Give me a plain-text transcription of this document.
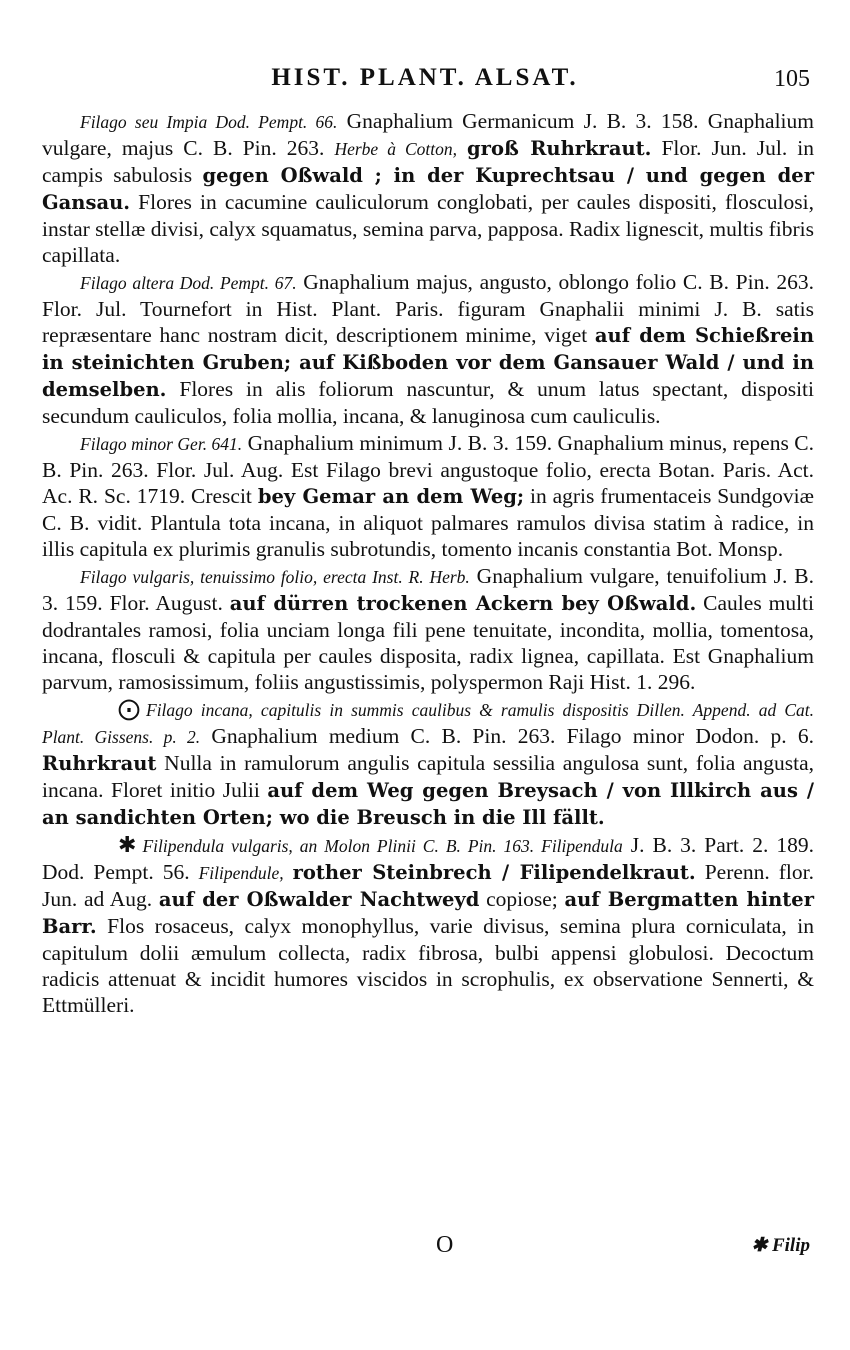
HIST. PLANT. ALSAT.	105

Filago seu Impia Dod. Pempt. 66. Gnaphalium Germanicum J. B. 3. 158. Gnaphalium vulgare, majus C. B. Pin. 263. Herbe à Cotton, groß Ruhrkraut. Flor. Jun. Jul. in campis sabulosis gegen Oßwald ; in der Kuprechtsau / und gegen der Gansau. Flores in cacumine cauliculorum conglobati, per caules dispositi, flosculosi, instar stellæ divisi, calyx squamatus, semina parva, papposa. Radix lignescit, multis fibris capillata.

Filago altera Dod. Pempt. 67. Gnaphalium majus, angusto, oblongo folio C. B. Pin. 263. Flor. Jul. Tournefort in Hist. Plant. Paris. figuram Gnaphalii minimi J. B. satis repræsentare hanc nostram dicit, descriptionem minime, viget auf dem Schießrein in steinichten Gruben; auf Kißboden vor dem Gansauer Wald / und in demselben. Flores in alis foliorum nascuntur, & unum latus spectant, dispositi secundum cauliculos, folia mollia, incana, & lanuginosa cum cauliculis.

Filago minor Ger. 641. Gnaphalium minimum J. B. 3. 159. Gnaphalium minus, repens C. B. Pin. 263. Flor. Jul. Aug. Est Filago brevi angustoque folio, erecta Botan. Paris. Act. Ac. R. Sc. 1719. Crescit bey Gemar an dem Weg; in agris frumentaceis Sundgoviæ C. B. vidit. Plantula tota incana, in aliquot palmares ramulos divisa statim à radice, in illis capitula ex plurimis granulis subrotundis, tomento incanis constantia Bot. Monsp.

Filago vulgaris, tenuissimo folio, erecta Inst. R. Herb. Gnaphalium vulgare, tenuifolium J. B. 3. 159. Flor. August. auf dürren trockenen Ackern bey Oßwald. Caules multi dodrantales ramosi, folia unciam longa fili pene tenuitate, incondita, mollia, tomentosa, incana, flosculi & capitula per caules disposita, radix lignea, capillata. Est Gnaphalium parvum, ramosissimum, foliis angustissimis, polyspermon Raji Hist. 1. 296.

⨀ Filago incana, capitulis in summis caulibus & ramulis dispositis Dillen. Append. ad Cat. Plant. Gissens. p. 2. Gnaphalium medium C. B. Pin. 263. Filago minor Dodon. p. 6. Ruhrkraut Nulla in ramulorum angulis capitula sessilia angulosa sunt, folia angusta, incana. Floret initio Julii auf dem Weg gegen Breysach / von Illkirch aus / an sandichten Orten; wo die Breusch in die Ill fällt.

✱ Filipendula vulgaris, an Molon Plinii C. B. Pin. 163. Filipendula J. B. 3. Part. 2. 189. Dod. Pempt. 56. Filipendule, rother Steinbrech / Filipendelkraut. Perenn. flor. Jun. ad Aug. auf der Oßwalder Nachtweyd copiose; auf Bergmatten hinter Barr. Flos rosaceus, calyx monophyllus, varie divisus, semina plura corniculata, in capitulum dolii æmulum collecta, radix fibrosa, bulbi appensi globulosi. Decoctum radicis attenuat & incidit humores viscidos in scrophulis, ex observatione Sennerti, & Ettmülleri.

O	✱ Filip
